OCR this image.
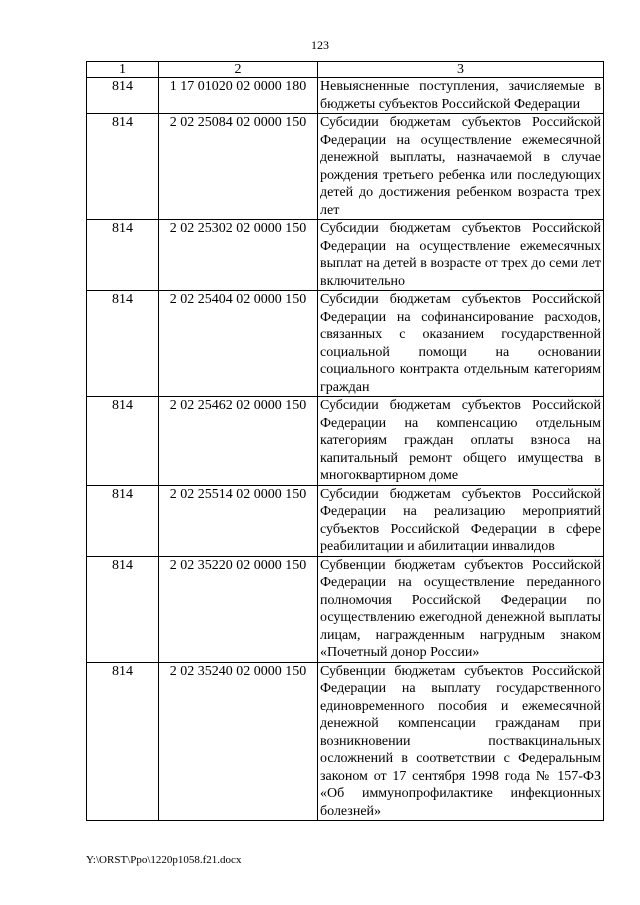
123
1	2	3
814	1 17 01020 02 0000 180	Невыясненные поступления, зачисляемые в бюджеты субъектов Российской Федерации
814	2 02 25084 02 0000 150	Субсидии бюджетам субъектов Российской Федерации на осуществление ежемесячной денежной выплаты, назначаемой в случае рождения третьего ребенка или последующих детей до достижения ребенком возраста трех лет
814	2 02 25302 02 0000 150	Субсидии бюджетам субъектов Российской Федерации на осуществление ежемесячных выплат на детей в возрасте от трех до семи лет включительно
814	2 02 25404 02 0000 150	Субсидии бюджетам субъектов Российской Федерации на софинансирование расходов, связанных с оказанием государственной социальной помощи на основании социального контракта отдельным категориям граждан
814	2 02 25462 02 0000 150	Субсидии бюджетам субъектов Российской Федерации на компенсацию отдельным категориям граждан оплаты взноса на капитальный ремонт общего имущества в многоквартирном доме
814	2 02 25514 02 0000 150	Субсидии бюджетам субъектов Российской Федерации на реализацию мероприятий субъектов Российской Федерации в сфере реабилитации и абилитации инвалидов
814	2 02 35220 02 0000 150	Субвенции бюджетам субъектов Российской Федерации на осуществление переданного полномочия Российской Федерации по осуществлению ежегодной денежной выплаты лицам, награжденным нагрудным знаком «Почетный донор России»
814	2 02 35240 02 0000 150	Субвенции бюджетам субъектов Российской Федерации на выплату государственного единовременного пособия и ежемесячной денежной компенсации гражданам при возникновении поствакцинальных осложнений в соответствии с Федеральным законом от 17 сентября 1998 года № 157-ФЗ «Об иммунопрофилактике инфекционных болезней»
Y:\ORST\Ppo\1220p1058.f21.docx
